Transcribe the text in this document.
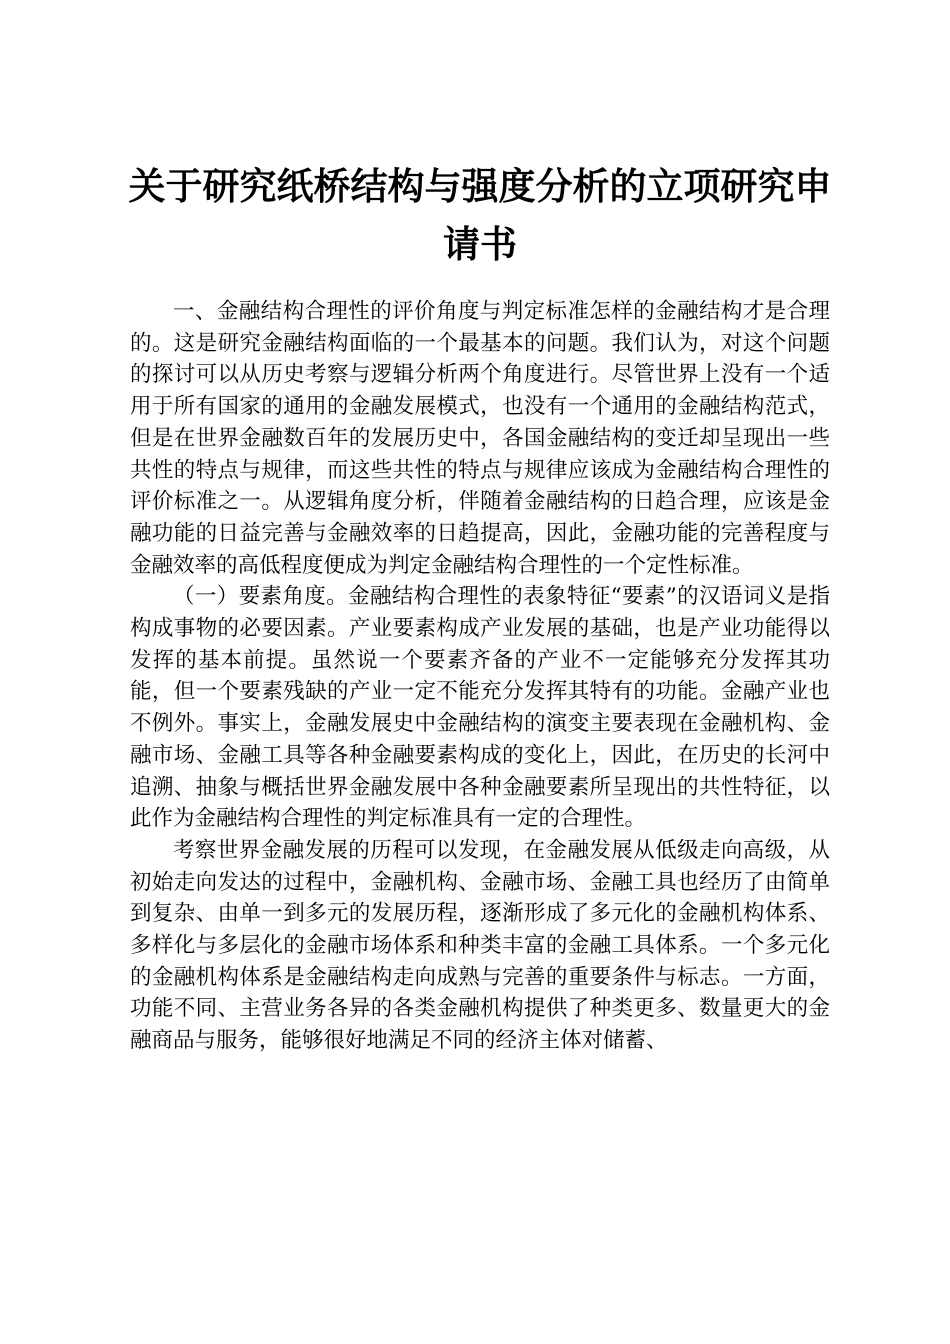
关于研究纸桥结构与强度分析的立项研究申请书

一、金融结构合理性的评价角度与判定标准怎样的金融结构才是合理的。这是研究金融结构面临的一个最基本的问题。我们认为，对这个问题的探讨可以从历史考察与逻辑分析两个角度进行。尽管世界上没有一个适用于所有国家的通用的金融发展模式，也没有一个通用的金融结构范式，但是在世界金融数百年的发展历史中，各国金融结构的变迁却呈现出一些共性的特点与规律，而这些共性的特点与规律应该成为金融结构合理性的评价标准之一。从逻辑角度分析，伴随着金融结构的日趋合理，应该是金融功能的日益完善与金融效率的日趋提高，因此，金融功能的完善程度与金融效率的高低程度便成为判定金融结构合理性的一个定性标准。

（一）要素角度。金融结构合理性的表象特征“要素”的汉语词义是指构成事物的必要因素。产业要素构成产业发展的基础，也是产业功能得以发挥的基本前提。虽然说一个要素齐备的产业不一定能够充分发挥其功能，但一个要素残缺的产业一定不能充分发挥其特有的功能。金融产业也不例外。事实上，金融发展史中金融结构的演变主要表现在金融机构、金融市场、金融工具等各种金融要素构成的变化上，因此，在历史的长河中追溯、抽象与概括世界金融发展中各种金融要素所呈现出的共性特征，以此作为金融结构合理性的判定标准具有一定的合理性。

考察世界金融发展的历程可以发现，在金融发展从低级走向高级，从初始走向发达的过程中，金融机构、金融市场、金融工具也经历了由简单到复杂、由单一到多元的发展历程，逐渐形成了多元化的金融机构体系、多样化与多层化的金融市场体系和种类丰富的金融工具体系。一个多元化的金融机构体系是金融结构走向成熟与完善的重要条件与标志。一方面，功能不同、主营业务各异的各类金融机构提供了种类更多、数量更大的金融商品与服务，能够很好地满足不同的经济主体对储蓄、
